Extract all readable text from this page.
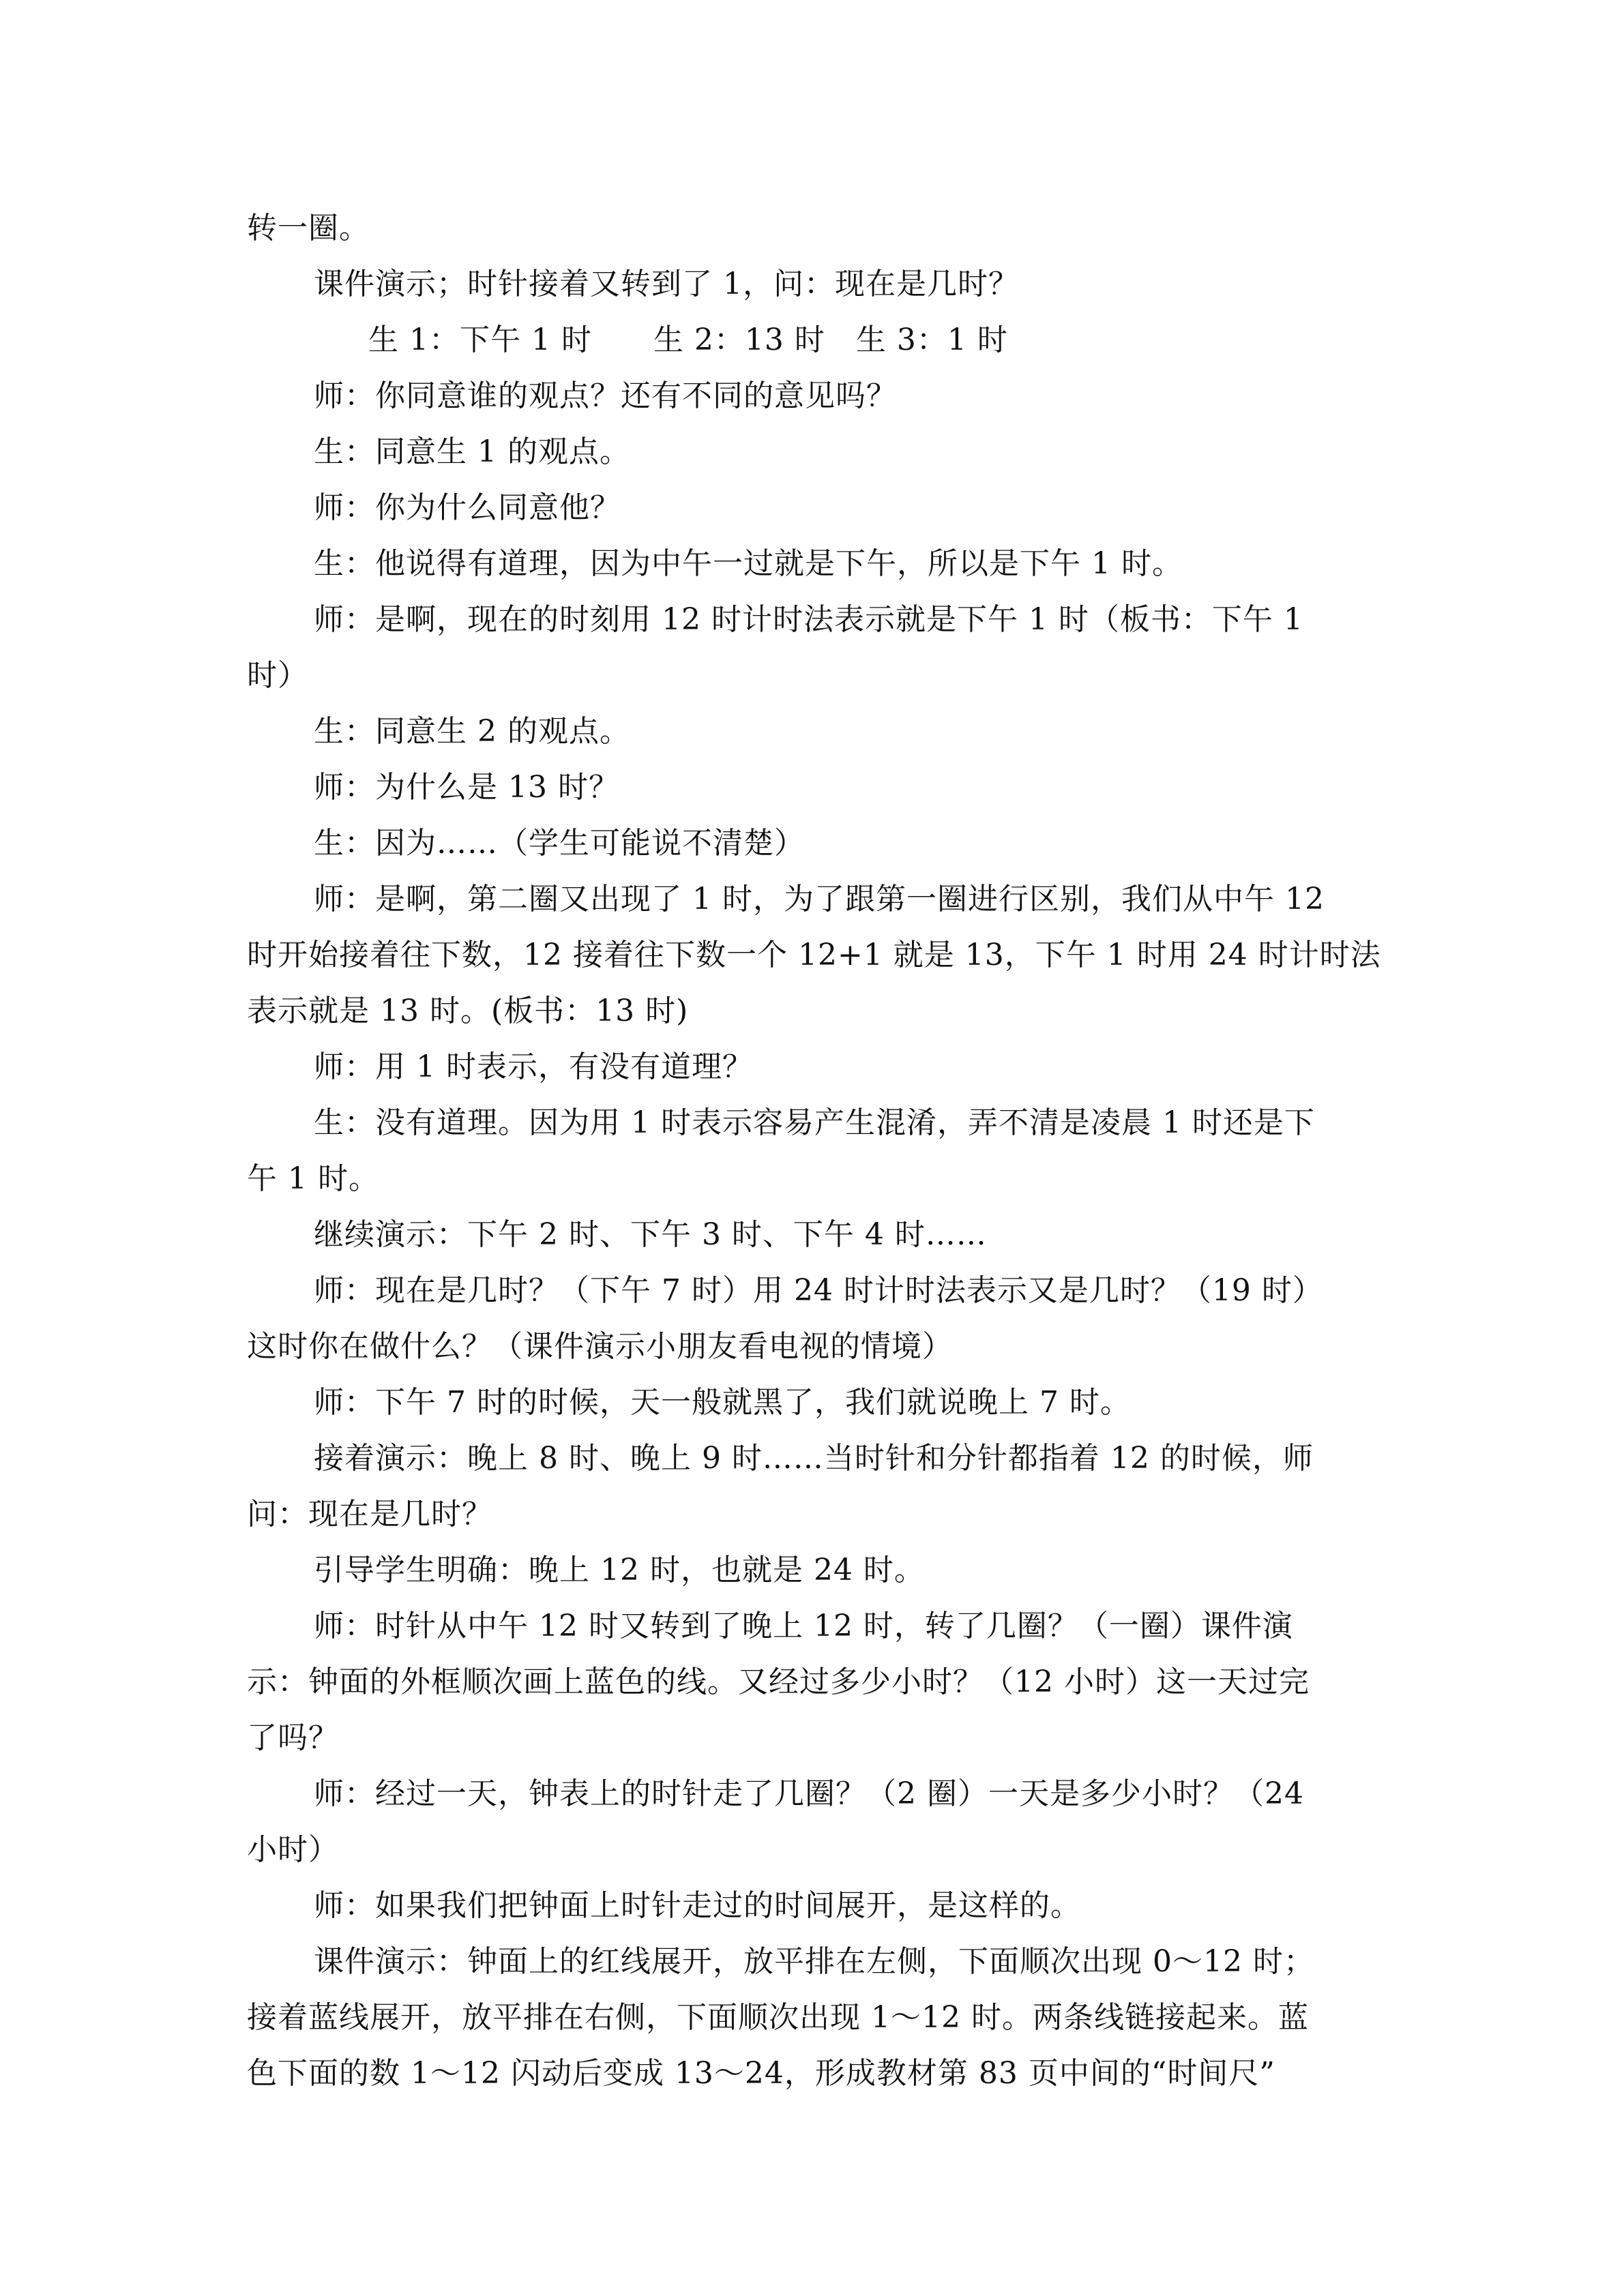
转一圈。
课件演示；时针接着又转到了 1，问：现在是几时？
生 1：下午 1 时　　生 2：13 时　生 3：1 时
师：你同意谁的观点？还有不同的意见吗？
生：同意生 1 的观点。
师：你为什么同意他？
生：他说得有道理，因为中午一过就是下午，所以是下午 1 时。
师：是啊，现在的时刻用 12 时计时法表示就是下午 1 时（板书：下午 1
时）
生：同意生 2 的观点。
师：为什么是 13 时？
生：因为……（学生可能说不清楚）
师：是啊，第二圈又出现了 1 时，为了跟第一圈进行区别，我们从中午 12
时开始接着往下数，12 接着往下数一个 12+1 就是 13，下午 1 时用 24 时计时法
表示就是 13 时。(板书：13 时)
师：用 1 时表示，有没有道理？
生：没有道理。因为用 1 时表示容易产生混淆，弄不清是凌晨 1 时还是下
午 1 时。
继续演示：下午 2 时、下午 3 时、下午 4 时……
师：现在是几时？（下午 7 时）用 24 时计时法表示又是几时？（19 时）
这时你在做什么？（课件演示小朋友看电视的情境）
师：下午 7 时的时候，天一般就黑了，我们就说晚上 7 时。
接着演示：晚上 8 时、晚上 9 时……当时针和分针都指着 12 的时候，师
问：现在是几时？
引导学生明确：晚上 12 时，也就是 24 时。
师：时针从中午 12 时又转到了晚上 12 时，转了几圈？（一圈）课件演
示：钟面的外框顺次画上蓝色的线。又经过多少小时？（12 小时）这一天过完
了吗？
师：经过一天，钟表上的时针走了几圈？（2 圈）一天是多少小时？（24
小时）
师：如果我们把钟面上时针走过的时间展开，是这样的。
课件演示：钟面上的红线展开，放平排在左侧，下面顺次出现 0～12 时；
接着蓝线展开，放平排在右侧，下面顺次出现 1～12 时。两条线链接起来。蓝
色下面的数 1～12 闪动后变成 13～24，形成教材第 83 页中间的“时间尺”
